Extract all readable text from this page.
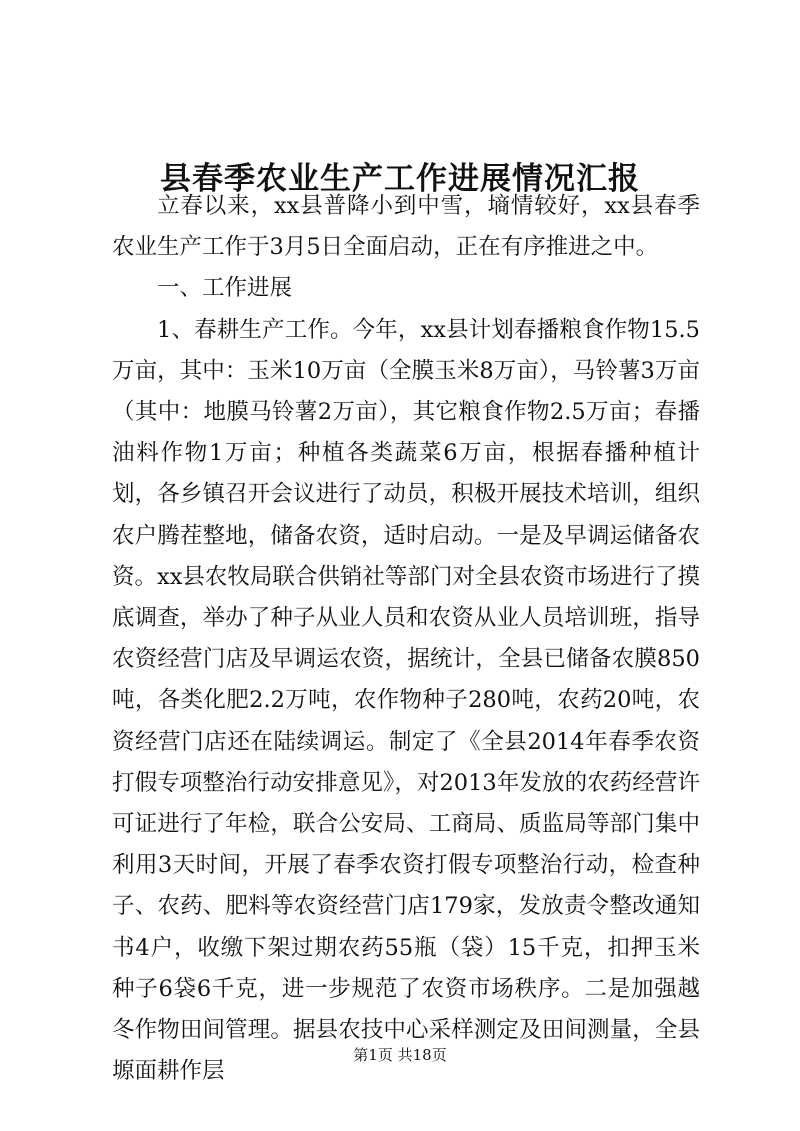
县春季农业生产工作进展情况汇报

立春以来，xx县普降小到中雪，墒情较好，xx县春季农业生产工作于3月5日全面启动，正在有序推进之中。

一、工作进展

1、春耕生产工作。今年，xx县计划春播粮食作物15.5万亩，其中：玉米10万亩（全膜玉米8万亩），马铃薯3万亩（其中：地膜马铃薯2万亩），其它粮食作物2.5万亩；春播油料作物1万亩；种植各类蔬菜6万亩，根据春播种植计划，各乡镇召开会议进行了动员，积极开展技术培训，组织农户腾茬整地，储备农资，适时启动。一是及早调运储备农资。xx县农牧局联合供销社等部门对全县农资市场进行了摸底调查，举办了种子从业人员和农资从业人员培训班，指导农资经营门店及早调运农资，据统计，全县已储备农膜850吨，各类化肥2.2万吨，农作物种子280吨，农药20吨，农资经营门店还在陆续调运。制定了《全县2014年春季农资打假专项整治行动安排意见》，对2013年发放的农药经营许可证进行了年检，联合公安局、工商局、质监局等部门集中利用3天时间，开展了春季农资打假专项整治行动，检查种子、农药、肥料等农资经营门店179家，发放责令整改通知书4户，收缴下架过期农药55瓶（袋）15千克，扣押玉米种子6袋6千克，进一步规范了农资市场秩序。二是加强越冬作物田间管理。据县农技中心采样测定及田间测量，全县塬面耕作层

第1页 共18页
